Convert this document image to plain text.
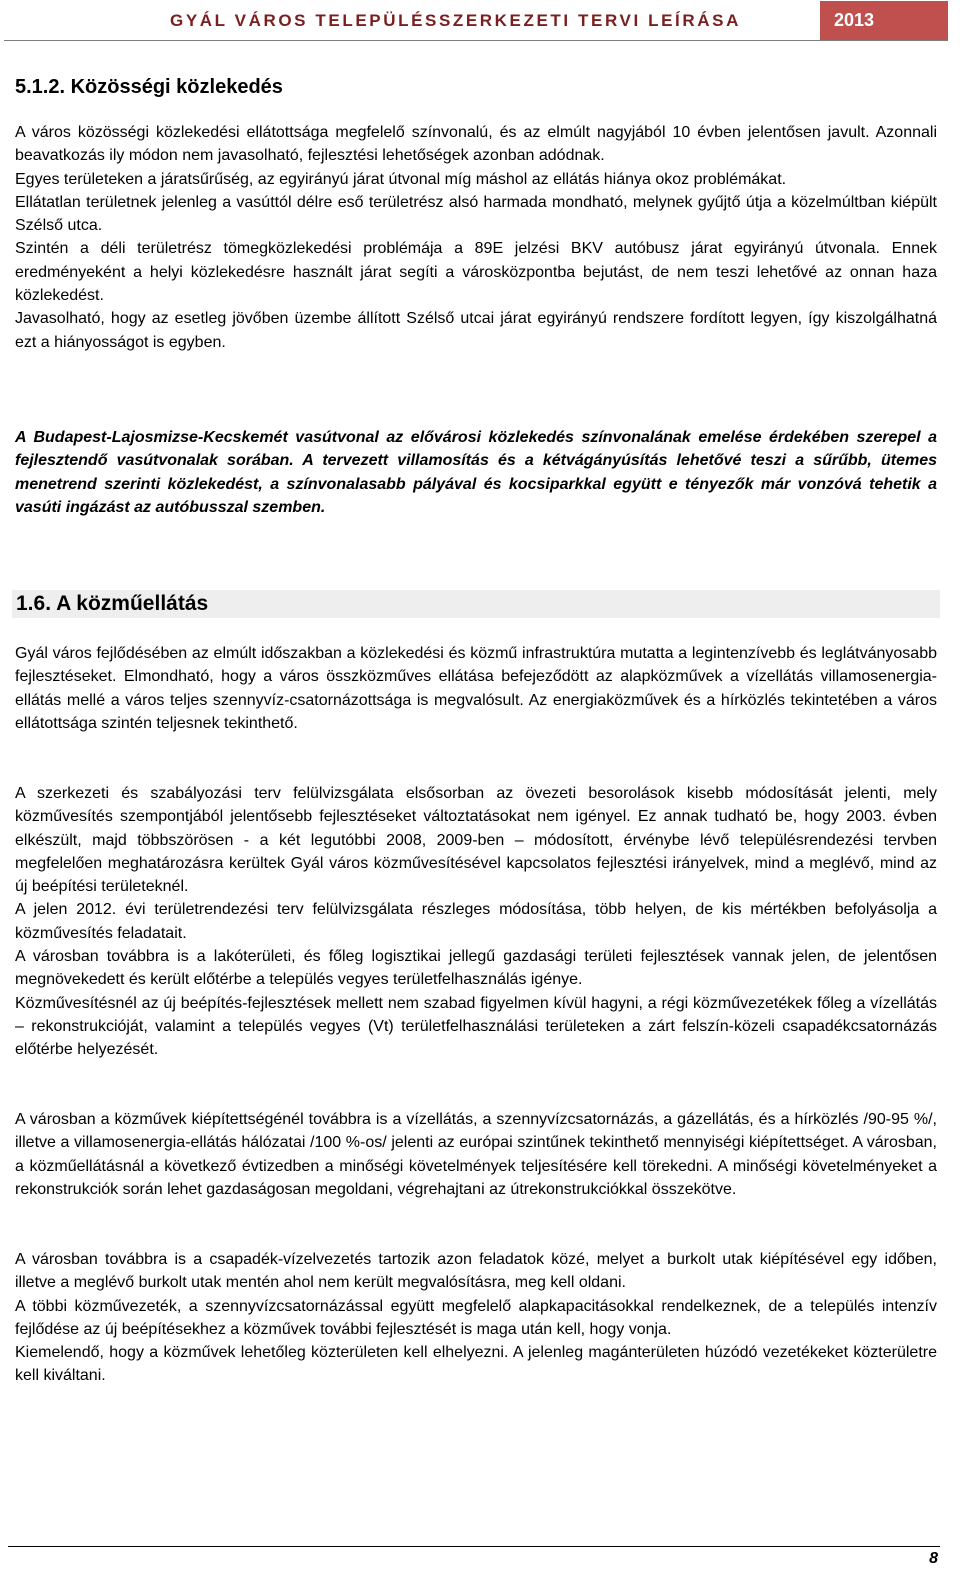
GYÁL VÁROS TELEPÜLÉSSZERKEZETI TERVI LEÍRÁSA	2013
5.1.2. Közösségi közlekedés

A város közösségi közlekedési ellátottsága megfelelő színvonalú, és az elmúlt nagyjából 10 évben jelentősen javult. Azonnali beavatkozás ily módon nem javasolható, fejlesztési lehetőségek azonban adódnak.

Egyes területeken a járatsűrűség, az egyirányú járat útvonal míg máshol az ellátás hiánya okoz problémákat.

Ellátatlan területnek jelenleg a vasúttól délre eső területrész alsó harmada mondható, melynek gyűjtő útja a közelmúltban kiépült Szélső utca.

Szintén a déli területrész tömegközlekedési problémája a 89E jelzési BKV autóbusz járat egyirányú útvonala. Ennek eredményeként a helyi közlekedésre használt járat segíti a városközpontba bejutást, de nem teszi lehetővé az onnan haza közlekedést.

Javasolható, hogy az esetleg jövőben üzembe állított Szélső utcai járat egyirányú rendszere fordított legyen, így kiszolgálhatná ezt a hiányosságot is egyben.

A Budapest-Lajosmizse-Kecskemét vasútvonal az elővárosi közlekedés színvonalának emelése érdekében szerepel a fejlesztendő vasútvonalak sorában. A tervezett villamosítás és a kétvágányúsítás lehetővé teszi a sűrűbb, ütemes menetrend szerinti közlekedést, a színvonalasabb pályával és kocsiparkkal együtt e tényezők már vonzóvá tehetik a vasúti ingázást az autóbusszal szemben.

1.6. A közműellátás

Gyál város fejlődésében az elmúlt időszakban a közlekedési és közmű infrastruktúra mutatta a legintenzívebb és leglátványosabb fejlesztéseket. Elmondható, hogy a város összközműves ellátása befejeződött az alapközművek a vízellátás villamosenergia-ellátás mellé a város teljes szennyvíz-csatornázottsága is megvalósult. Az energiaközművek és a hírközlés tekintetében a város ellátottsága szintén teljesnek tekinthető.

A szerkezeti és szabályozási terv felülvizsgálata elsősorban az övezeti besorolások kisebb módosítását jelenti, mely közművesítés szempontjából jelentősebb fejlesztéseket változtatásokat nem igényel. Ez annak tudható be, hogy 2003. évben elkészült, majd többszörösen - a két legutóbbi 2008, 2009-ben – módosított, érvénybe lévő településrendezési tervben megfelelően meghatározásra kerültek Gyál város közművesítésével kapcsolatos fejlesztési irányelvek, mind a meglévő, mind az új beépítési területeknél.

A jelen 2012. évi területrendezési terv felülvizsgálata részleges módosítása, több helyen, de kis mértékben befolyásolja a közművesítés feladatait.

A városban továbbra is a lakóterületi, és főleg logisztikai jellegű gazdasági területi fejlesztések vannak jelen, de jelentősen megnövekedett és került előtérbe a település vegyes területfelhasználás igénye.

Közművesítésnél az új beépítés-fejlesztések mellett nem szabad figyelmen kívül hagyni, a régi közművezetékek főleg a vízellátás – rekonstrukcióját, valamint a település vegyes (Vt) területfelhasználási területeken a zárt felszín-közeli csapadékcsatornázás előtérbe helyezését.

A városban a közművek kiépítettségénél továbbra is a vízellátás, a szennyvízcsatornázás, a gázellátás, és a hírközlés /90-95 %/, illetve a villamosenergia-ellátás hálózatai /100 %-os/ jelenti az európai szintűnek tekinthető mennyiségi kiépítettséget. A városban, a közműellátásnál a következő évtizedben a minőségi követelmények teljesítésére kell törekedni. A minőségi követelményeket a rekonstrukciók során lehet gazdaságosan megoldani, végrehajtani az útrekonstrukciókkal összekötve.

A városban továbbra is a csapadék-vízelvezetés tartozik azon feladatok közé, melyet a burkolt utak kiépítésével egy időben, illetve a meglévő burkolt utak mentén ahol nem került megvalósításra, meg kell oldani.

A többi közművezeték, a szennyvízcsatornázással együtt megfelelő alapkapacitásokkal rendelkeznek, de a település intenzív fejlődése az új beépítésekhez a közművek további fejlesztését is maga után kell, hogy vonja.

Kiemelendő, hogy a közművek lehetőleg közterületen kell elhelyezni. A jelenleg magánterületen húzódó vezetékeket közterületre kell kiváltani.

8
